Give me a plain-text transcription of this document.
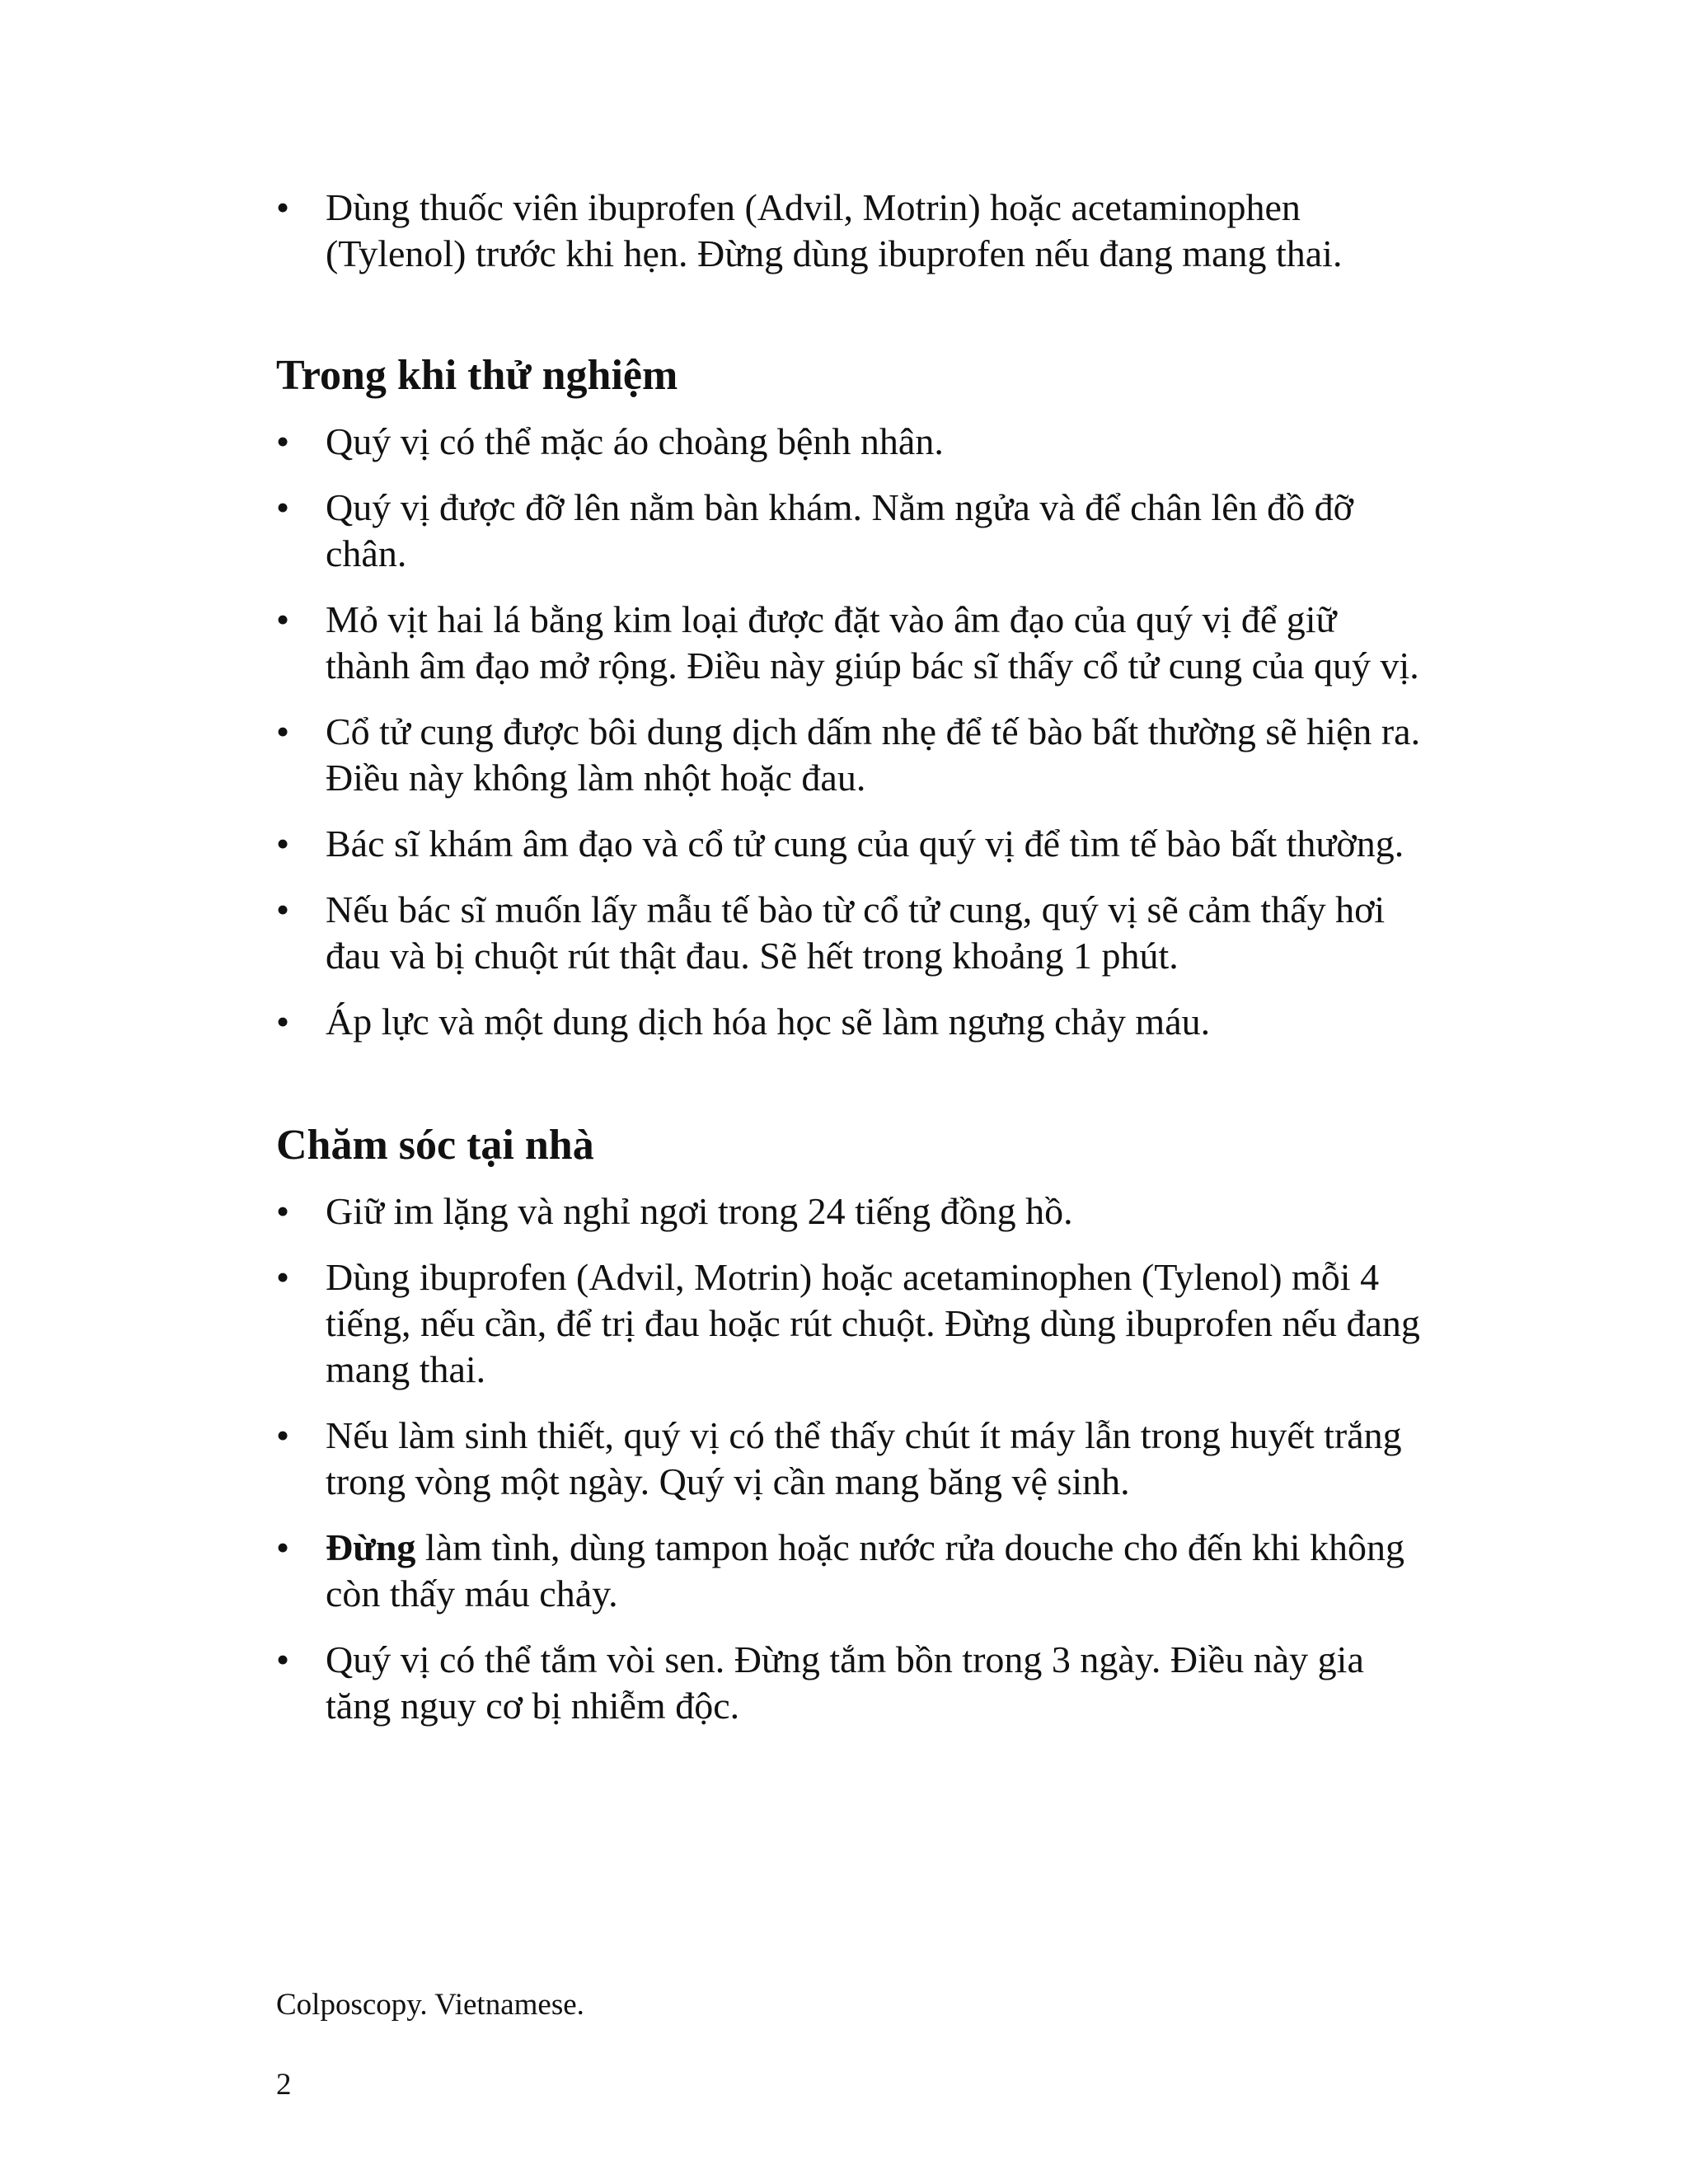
• Dùng thuốc viên ibuprofen (Advil, Motrin) hoặc acetaminophen (Tylenol) trước khi hẹn. Đừng dùng ibuprofen nếu đang mang thai.
Trong khi thử nghiệm
• Quý vị có thể mặc áo choàng bệnh nhân.
• Quý vị được đỡ lên nằm bàn khám. Nằm ngửa và để chân lên đồ đỡ chân.
• Mỏ vịt hai lá bằng kim loại được đặt vào âm đạo của quý vị để giữ thành âm đạo mở rộng. Điều này giúp bác sĩ thấy cổ tử cung của quý vị.
• Cổ tử cung được bôi dung dịch dấm nhẹ để tế bào bất thường sẽ hiện ra. Điều này không làm nhột hoặc đau.
• Bác sĩ khám âm đạo và cổ tử cung của quý vị để tìm tế bào bất thường.
• Nếu bác sĩ muốn lấy mẫu tế bào từ cổ tử cung, quý vị sẽ cảm thấy hơi đau và bị chuột rút thật đau. Sẽ hết trong khoảng 1 phút.
• Áp lực và một dung dịch hóa học sẽ làm ngưng chảy máu.
Chăm sóc tại nhà
• Giữ im lặng và nghỉ ngơi trong 24 tiếng đồng hồ.
• Dùng ibuprofen (Advil, Motrin) hoặc acetaminophen (Tylenol) mỗi 4 tiếng, nếu cần, để trị đau hoặc rút chuột. Đừng dùng ibuprofen nếu đang mang thai.
• Nếu làm sinh thiết, quý vị có thể thấy chút ít máy lẫn trong huyết trắng trong vòng một ngày. Quý vị cần mang băng vệ sinh.
• Đừng làm tình, dùng tampon hoặc nước rửa douche cho đến khi không còn thấy máu chảy.
• Quý vị có thể tắm vòi sen. Đừng tắm bồn trong 3 ngày. Điều này gia tăng nguy cơ bị nhiễm độc.
Colposcopy. Vietnamese.
2
